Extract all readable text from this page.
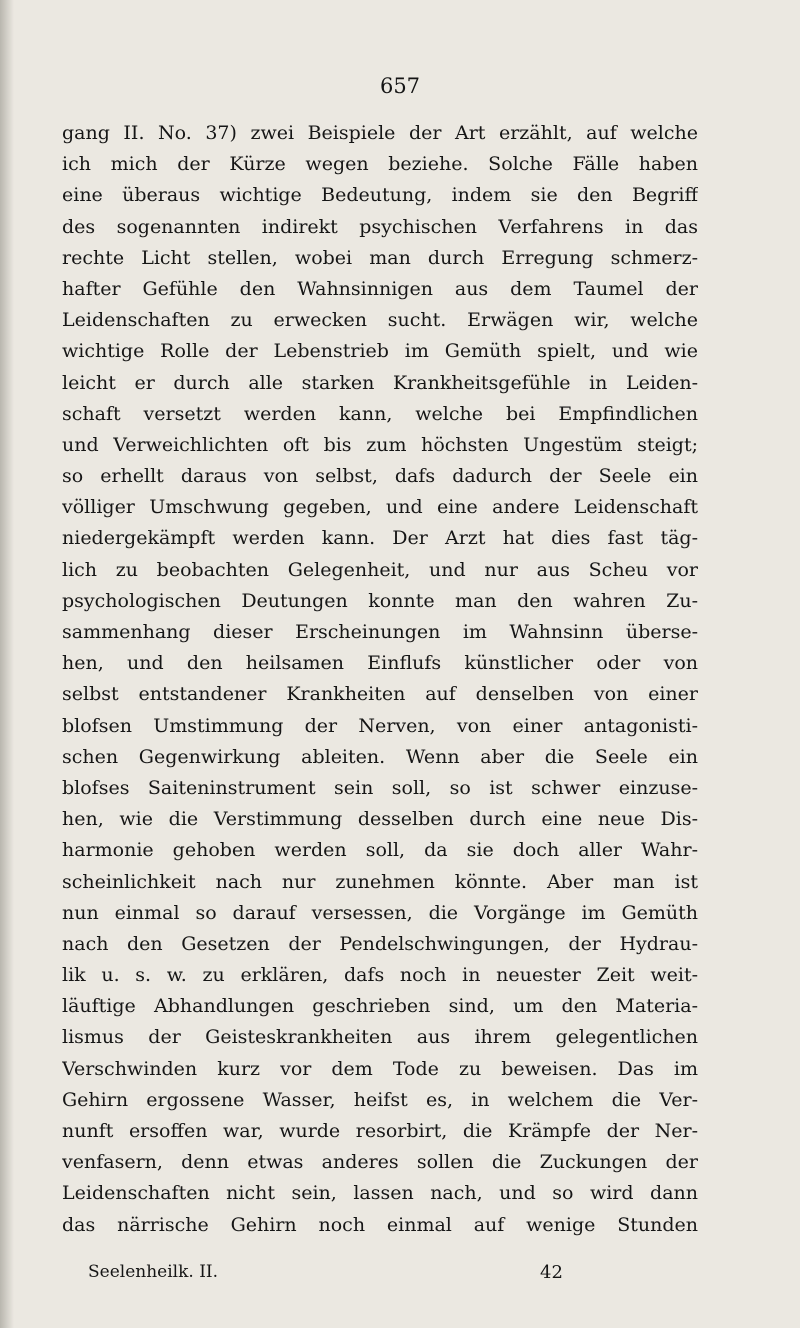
657
gang II. No. 37) zwei Beispiele der Art erzählt, auf welche
ich mich der Kürze wegen beziehe. Solche Fälle haben
eine überaus wichtige Bedeutung, indem sie den Begriff
des sogenannten indirekt psychischen Verfahrens in das
rechte Licht stellen, wobei man durch Erregung schmerz-
hafter Gefühle den Wahnsinnigen aus dem Taumel der
Leidenschaften zu erwecken sucht. Erwägen wir, welche
wichtige Rolle der Lebenstrieb im Gemüth spielt, und wie
leicht er durch alle starken Krankheitsgefühle in Leiden-
schaft versetzt werden kann, welche bei Empfindlichen
und Verweichlichten oft bis zum höchsten Ungestüm steigt;
so erhellt daraus von selbst, dafs dadurch der Seele ein
völliger Umschwung gegeben, und eine andere Leidenschaft
niedergekämpft werden kann. Der Arzt hat dies fast täg-
lich zu beobachten Gelegenheit, und nur aus Scheu vor
psychologischen Deutungen konnte man den wahren Zu-
sammenhang dieser Erscheinungen im Wahnsinn überse-
hen, und den heilsamen Einflufs künstlicher oder von
selbst entstandener Krankheiten auf denselben von einer
blofsen Umstimmung der Nerven, von einer antagonisti-
schen Gegenwirkung ableiten. Wenn aber die Seele ein
blofses Saiteninstrument sein soll, so ist schwer einzuse-
hen, wie die Verstimmung desselben durch eine neue Dis-
harmonie gehoben werden soll, da sie doch aller Wahr-
scheinlichkeit nach nur zunehmen könnte. Aber man ist
nun einmal so darauf versessen, die Vorgänge im Gemüth
nach den Gesetzen der Pendelschwingungen, der Hydrau-
lik u. s. w. zu erklären, dafs noch in neuester Zeit weit-
läuftige Abhandlungen geschrieben sind, um den Materia-
lismus der Geisteskrankheiten aus ihrem gelegentlichen
Verschwinden kurz vor dem Tode zu beweisen. Das im
Gehirn ergossene Wasser, heifst es, in welchem die Ver-
nunft ersoffen war, wurde resorbirt, die Krämpfe der Ner-
venfasern, denn etwas anderes sollen die Zuckungen der
Leidenschaften nicht sein, lassen nach, und so wird dann
das närrische Gehirn noch einmal auf wenige Stunden
Seelenheilk. II.	42
